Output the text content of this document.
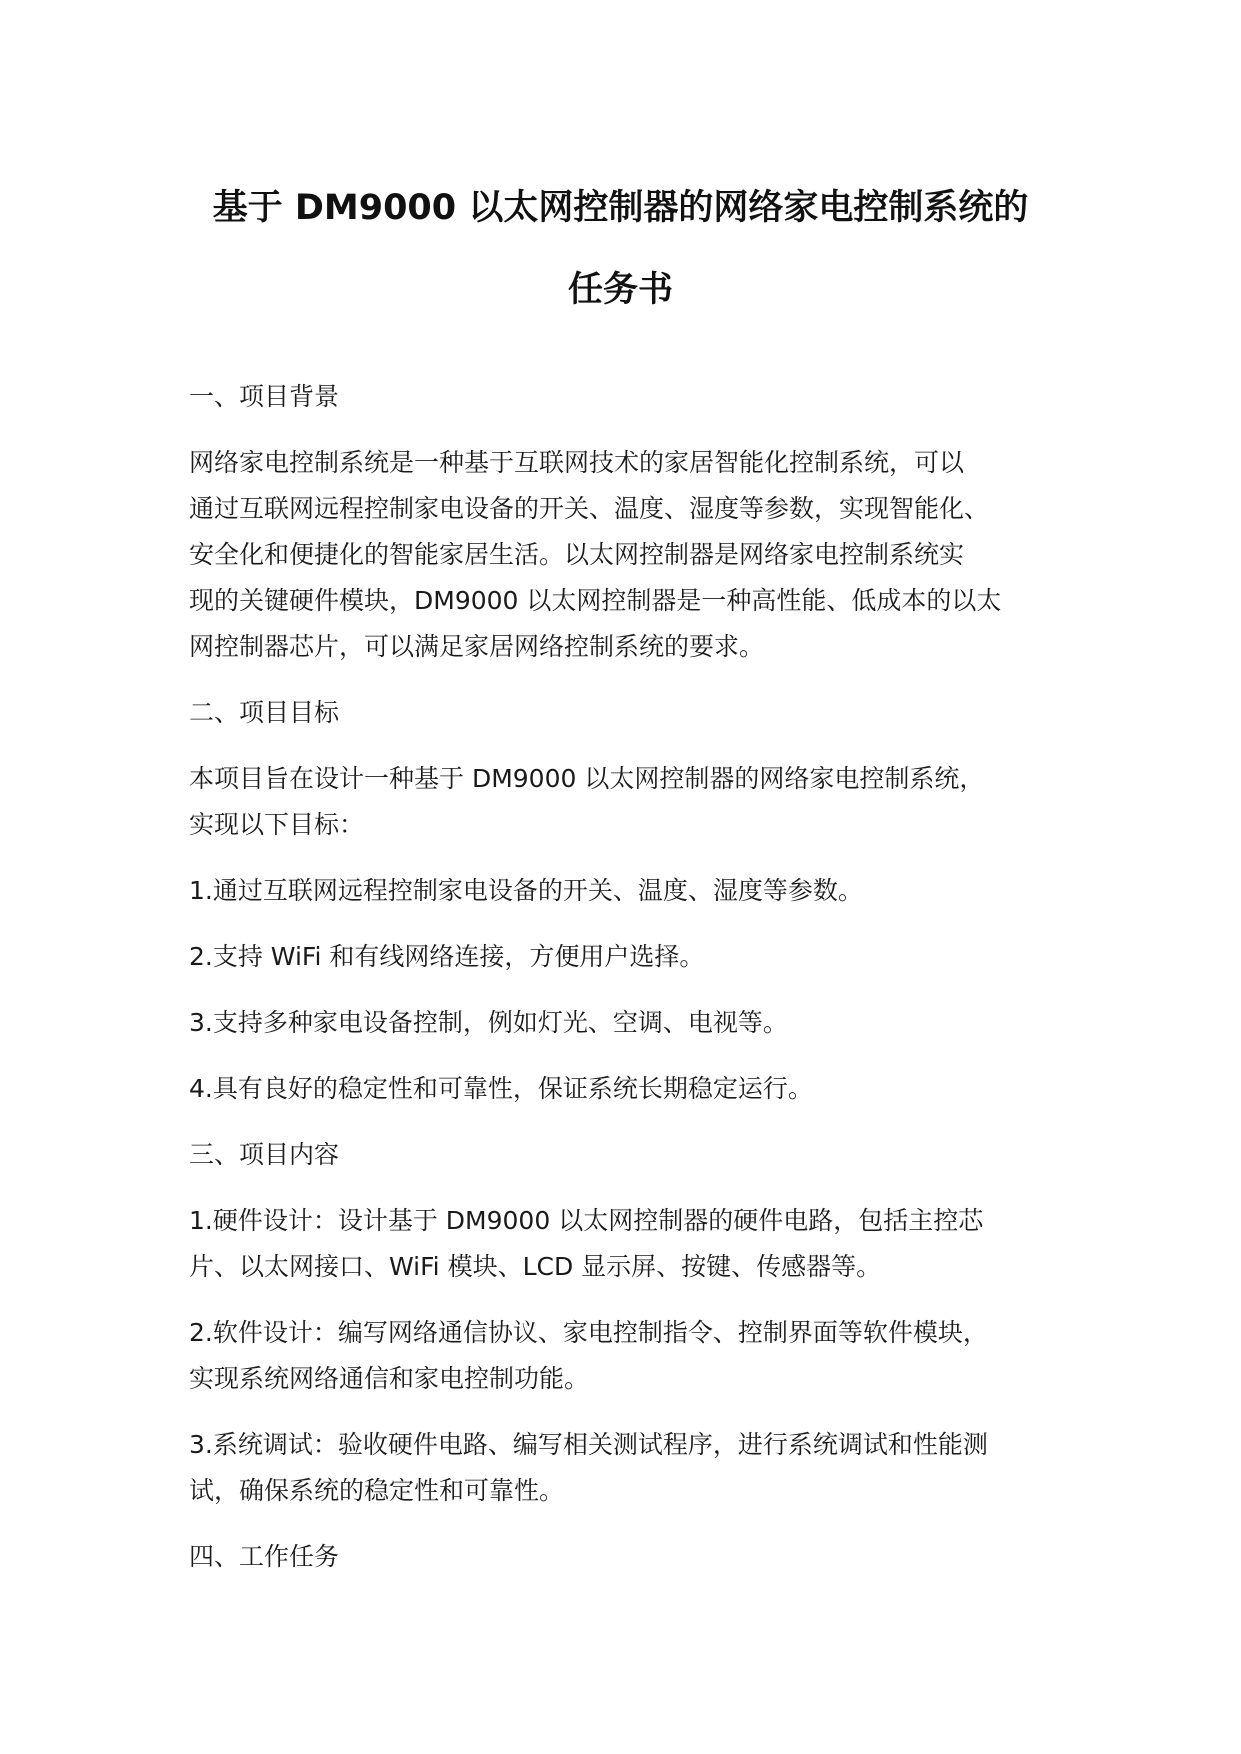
基于 DM9000 以太网控制器的网络家电控制系统的
任务书
一、项目背景
网络家电控制系统是一种基于互联网技术的家居智能化控制系统，可以
通过互联网远程控制家电设备的开关、温度、湿度等参数，实现智能化、
安全化和便捷化的智能家居生活。以太网控制器是网络家电控制系统实
现的关键硬件模块，DM9000 以太网控制器是一种高性能、低成本的以太
网控制器芯片，可以满足家居网络控制系统的要求。
二、项目目标
本项目旨在设计一种基于 DM9000 以太网控制器的网络家电控制系统，
实现以下目标：
1.通过互联网远程控制家电设备的开关、温度、湿度等参数。
2.支持 WiFi 和有线网络连接，方便用户选择。
3.支持多种家电设备控制，例如灯光、空调、电视等。
4.具有良好的稳定性和可靠性，保证系统长期稳定运行。
三、项目内容
1.硬件设计：设计基于 DM9000 以太网控制器的硬件电路，包括主控芯
片、以太网接口、WiFi 模块、LCD 显示屏、按键、传感器等。
2.软件设计：编写网络通信协议、家电控制指令、控制界面等软件模块，
实现系统网络通信和家电控制功能。
3.系统调试：验收硬件电路、编写相关测试程序，进行系统调试和性能测
试，确保系统的稳定性和可靠性。
四、工作任务
